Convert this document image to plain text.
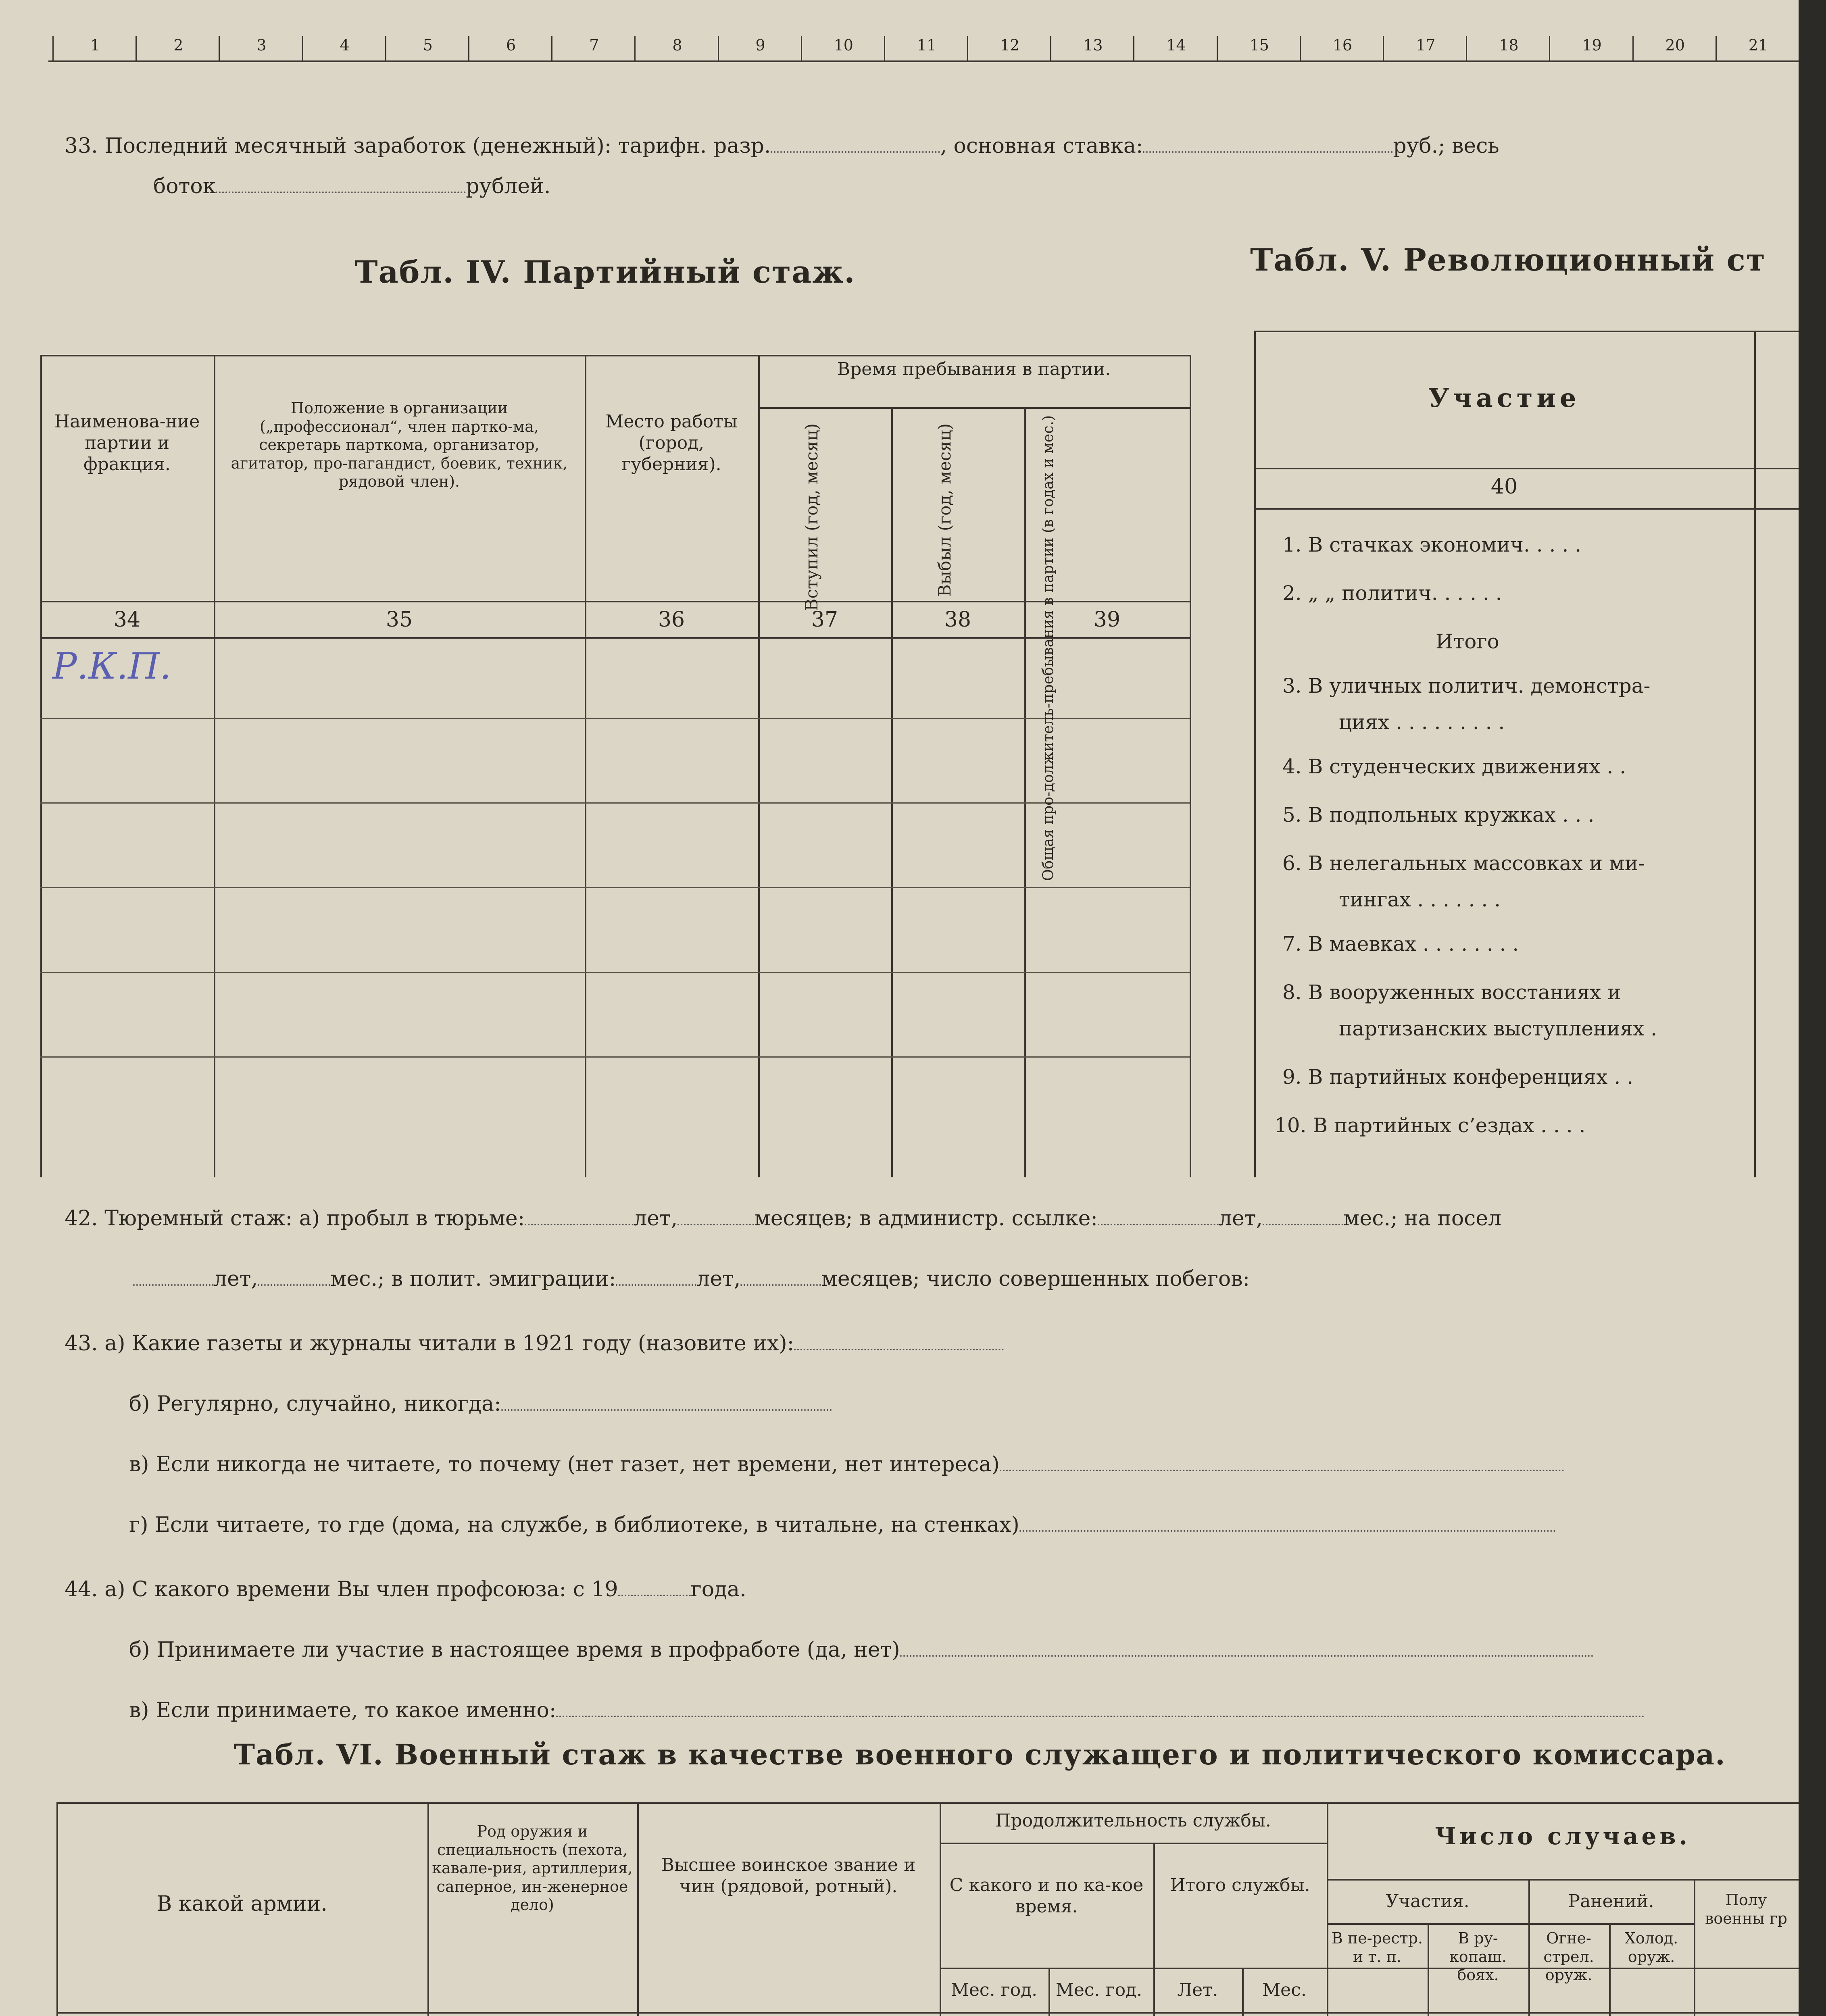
1	2	3	4	5	6	7	8	9	10	11	12	13	14	15	16	17	18	19	20	21
33. Последний месячный заработок (денежный): тарифн. разр.	, основная ставка:	руб.; весь
боток	рублей.
Табл. IV. Партийный стаж.	Табл. V. Революционный ст
Наименова-ние партии и фракция.
Положение в организации („профессионал“, член партко-ма, секретарь парткома, организатор, агитатор, про-пагандист, боевик, техник, рядовой член).
Место работы (город, губерния).
Время пребывания в партии.
Вступил (год, месяц)	Выбыл (год, месяц)	Общая про-должитель-пребывания в партии (в годах и мес.)
34	35	36	37	38	39
Р.К.П.
Участие
40
1. В стачках экономич. . . . .
2. „ „ политич. . . . . .
Итого
3. В уличных политич. демонстра-
циях . . . . . . . . .
4. В студенческих движениях . .
5. В подпольных кружках . . .
6. В нелегальных массовках и ми-
тингах . . . . . . .
7. В маевках . . . . . . . .
8. В вооруженных восстаниях и
партизанских выступлениях .
9. В партийных конференциях . .
10. В партийных с’ездах . . . .
42. Тюремный стаж: а) пробыл в тюрьме:	лет,	месяцев; в администр. ссылке:	лет,	мес.; на посел
лет,	мес.; в полит. эмиграции:	лет,	месяцев; число совершенных побегов:
43. а) Какие газеты и журналы читали в 1921 году (назовите их):
б) Регулярно, случайно, никогда:
в) Если никогда не читаете, то почему (нет газет, нет времени, нет интереса)
г) Если читаете, то где (дома, на службе, в библиотеке, в читальне, на стенках)
44. а) С какого времени Вы член профсоюза: с 19	года.
б) Принимаете ли участие в настоящее время в профработе (да, нет)
в) Если принимаете, то какое именно:
Табл. VI. Военный стаж в качестве военного служащего и политического комиссара.
В какой армии.
Род оружия и специальность (пехота, кавале-рия, артиллерия, саперное, ин-женерное дело)
Высшее воинское звание и чин (рядовой, ротный).
Продолжительность службы.
С какого и по ка-кое время.
Итого службы.
Мес. год.	Мес. год.	Лет.	Мес.
Число случаев.
Участия.	Ранений.	Полу военны гр
В пе-рестр. и т. п.
В ру-копаш. боях.
Огне-стрел. оруж.
Холод. оруж.
